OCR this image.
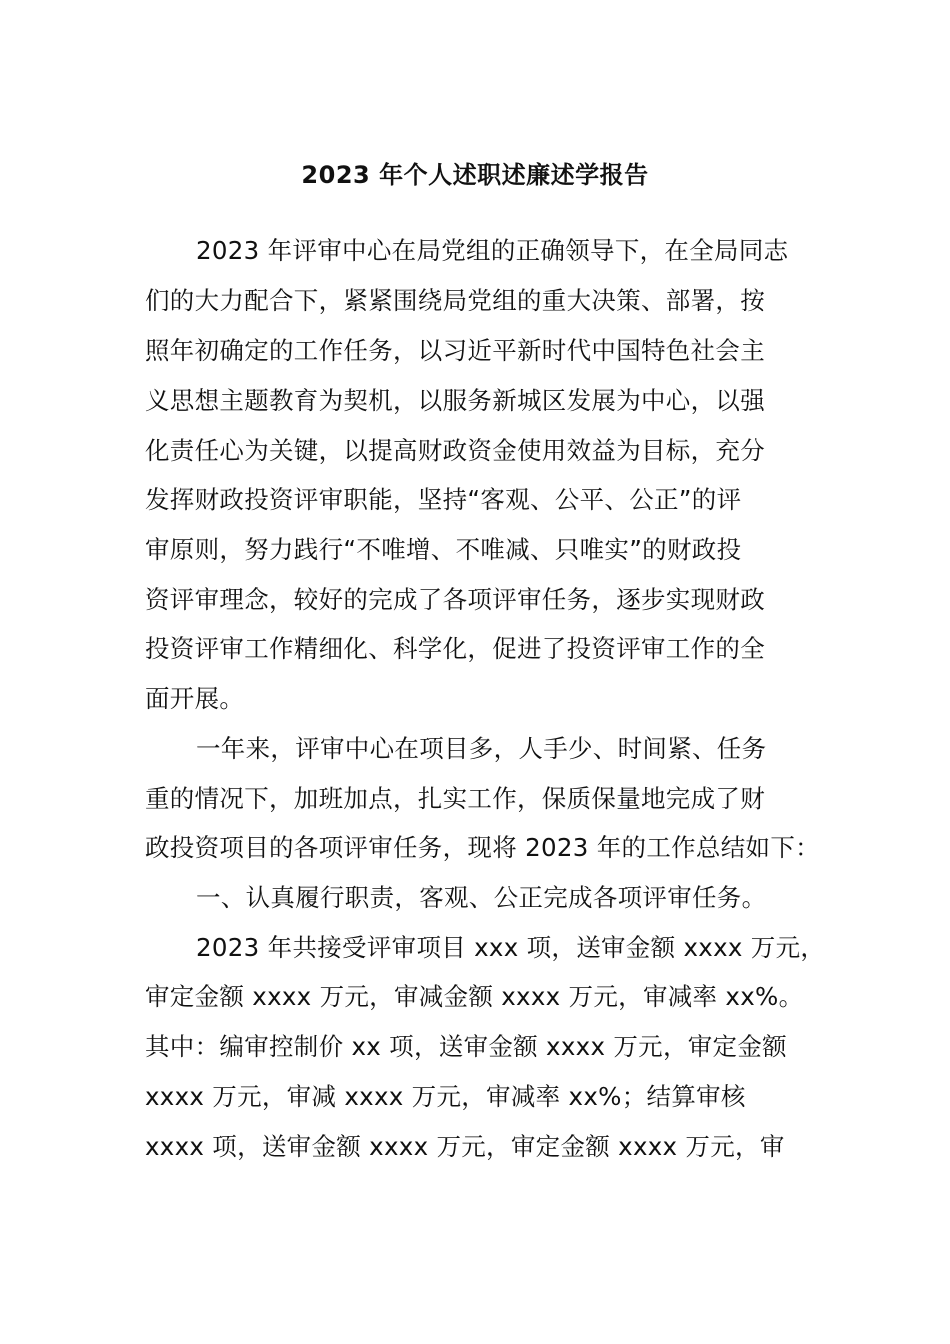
2023 年个人述职述廉述学报告
2023 年评审中心在局党组的正确领导下，在全局同志
们的大力配合下，紧紧围绕局党组的重大决策、部署，按
照年初确定的工作任务，以习近平新时代中国特色社会主
义思想主题教育为契机，以服务新城区发展为中心，以强
化责任心为关键，以提高财政资金使用效益为目标，充分
发挥财政投资评审职能，坚持“客观、公平、公正”的评
审原则，努力践行“不唯增、不唯减、只唯实”的财政投
资评审理念，较好的完成了各项评审任务，逐步实现财政
投资评审工作精细化、科学化，促进了投资评审工作的全
面开展。
一年来，评审中心在项目多，人手少、时间紧、任务
重的情况下，加班加点，扎实工作，保质保量地完成了财
政投资项目的各项评审任务，现将 2023 年的工作总结如下：
一、认真履行职责，客观、公正完成各项评审任务。
2023 年共接受评审项目 xxx 项，送审金额 xxxx 万元，
审定金额 xxxx 万元，审减金额 xxxx 万元，审减率 xx%。
其中：编审控制价 xx 项，送审金额 xxxx 万元，审定金额
xxxx 万元，审减 xxxx 万元，审减率 xx%；结算审核
xxxx 项，送审金额 xxxx 万元，审定金额 xxxx 万元，审
